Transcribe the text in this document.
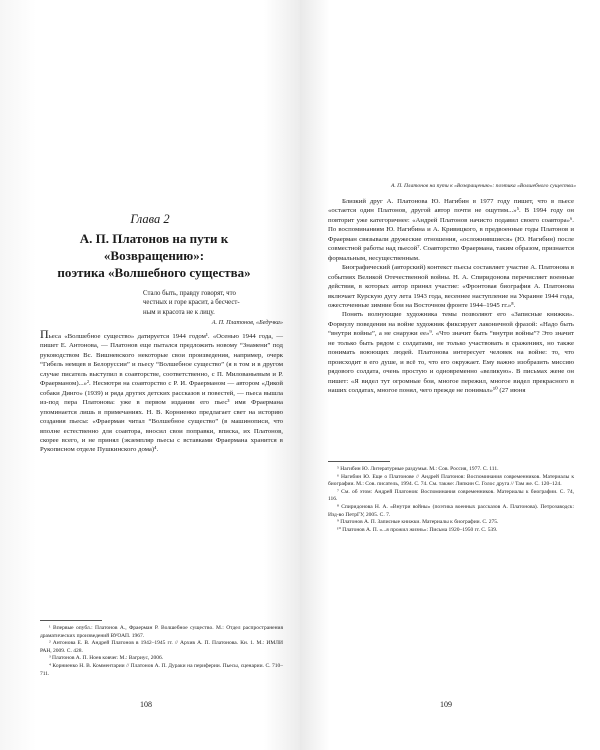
Глава 2
А. П. Платонов на пути к «Возвращению»:
поэтика «Волшебного существа»
Стало быть, правду говорят, что
честных и горе красит, а бесчест-
ным и красота не к лицу.
А. П. Платонов, «Бедучка»

Пьеса «Волшебное существо» датируется 1944 годом¹. «Осенью 1944 года, — пишет Е. Антонова, — Платонов еще пытался предложить новому “Знамени” под руководством Вс. Вишневского некоторые свои произведения, например, очерк “Гибель немцев в Белоруссии” и пьесу “Волшебное существо” (я в том и в другом случае писатель выступил в соавторстве, соответственно, с П. Милованьевым и Р. Фраерманом)...»². Несмотря на соавторство с Р. И. Фраерманом — автором «Дикой собаки Динго» (1939) и ряда других детских рассказов и повестей, — пьеса вышла из-под пера Платонова: уже в первом издании его пьес³ имя Фраермана упоминается лишь в примечаниях. Н. В. Корниенко предлагает свет на историю создания пьесы: «Фраерман читал “Волшебное существо” (в машинописи, что вполне естественно для соавтора, вносил свои поправки, вписка, их Платонов, скорее всего, и не принял (экземпляр пьесы с вставками Фраермана хранится в Рукописном отделе Пушкинского дома)⁴.

¹ Впервые опубл.: Платонов А., Фраерман Р. Волшебное существо. М.: Отдел распространения драматических произведений ВУОАП. 1967.

² Антонова Е. В. Андрей Платонов в 1942–1945 гг. // Архив А. П. Платонова. Кн. 1. М.: ИМЛИ РАН, 2009. С. 428.

³ Платонов А. П. Ноев ковчег. М.: Вагриус, 2006.

⁴ Корниенко Н. В. Комментарии // Платонов А. П. Дураки на периферии. Пьесы, сценарии. С. 710–711.

108
А. П. Платонов на пути к «Возвращению»: поэтика «Волшебного существа»

Близкий друг А. Платонова Ю. Нагибин в 1977 году пишет, что в пьесе «остается один Платонов, другой автор почти не ощутим...»⁵. В 1994 году он повторит уже категоричнее: «Андрей Платонов начисто подавил своего соавтора»⁶. По воспоминаниям Ю. Нагибина и А. Кривицкого, в предвоенные годы Платонов и Фраерман связывали дружеские отношения, «осложнившиеся» (Ю. Нагибин) после совместной работы над пьесой⁷. Соавторство Фраермана, таким образом, признается формальным, несущественным.

Биографический (авторский) контекст пьесы составляет участие А. Платонова в событиях Великой Отечественной войны. Н. А. Спиридонова перечисляет военные действия, в которых автор принял участие: «Фронтовая биография А. Платонова включает Курскую дугу лета 1943 года, весеннее наступление на Украине 1944 года, ожесточенные зимние бои на Восточном фронте 1944–1945 гг.»⁸.

Понять волнующие художника темы позволяют его «Записные книжки». Формулу поведения на войне художник фиксирует лаконичной фразой: «Надо быть “внутри войны”, а не снаружи ее»⁹. «Что значит быть “внутри войны”? Это значит не только быть рядом с солдатами, не только участвовать в сражениях, но также понимать воюющих людей. Платонова интересует человек на войне: то, что происходит в его душе, и всё то, что его окружает. Ему важно изобразить миссию рядового солдата, очень простую и одновременно «великую». В письмах жене он пишет: «Я видел тут огромные бои, многое пережил, многое видел прекрасного в наших солдатах, многое понял, чего прежде не понимал»¹⁰ (27 июня

⁵ Нагибин Ю. Литературные раздумья. М.: Сов. Россия, 1977. С. 111.

⁶ Нагибин Ю. Еще о Платонове // Андрей Платонов: Воспоминания современников. Материалы к биографии. М.: Сов. писатель, 1994. С. 74. См. также: Липкин С. Голос друга // Там же. С. 120–124.

⁷ См. об этом: Андрей Платонов: Воспоминания современников. Материалы к биографии. С. 74, 116.

⁸ Спиридонова Н. А. «Внутри войны» (поэтика военных рассказов А. Платонова). Петрозаводск: Изд-во ПетрГУ, 2005. С. 7.

⁹ Платонов А. П. Записные книжки. Материалы к биографии. С. 275.

¹⁰ Платонов А. П. «...я прожил жизнь»: Письма 1920–1950 гг. С. 539.

109
